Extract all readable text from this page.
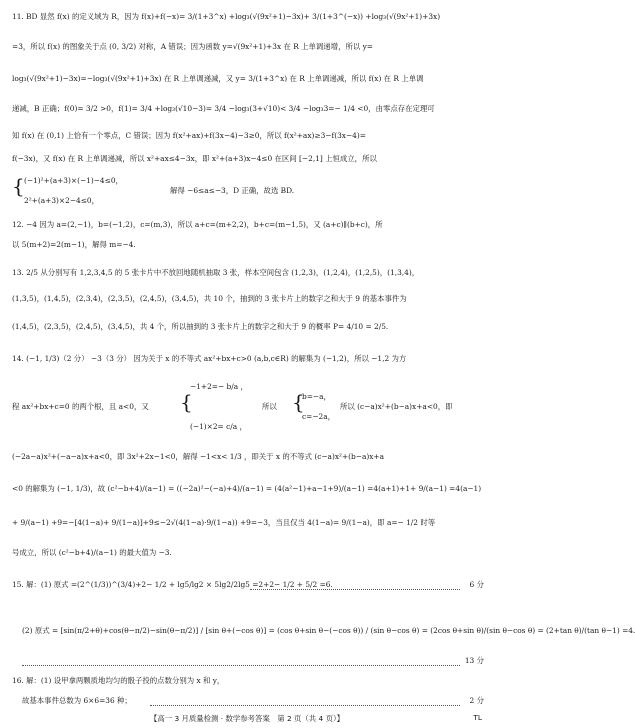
11. BD 显然 f(x) 的定义域为 R，因为 f(x)+f(−x)= 3/(1+3^x) +log₃(√(9x²+1)−3x)+ 3/(1+3^(−x)) +log₃(√(9x²+1)+3x)
=3，所以 f(x) 的图象关于点 (0, 3/2) 对称，A 错误；因为函数 y=√(9x²+1)+3x 在 R 上单调递增，所以 y=
log₃(√(9x²+1)−3x)=−log₃(√(9x²+1)+3x) 在 R 上单调递减，又 y= 3/(1+3^x) 在 R 上单调递减，所以 f(x) 在 R 上单调
递减，B 正确；f(0)= 3/2 >0，f(1)= 3/4 +log₃(√10−3)= 3/4 −log₃(3+√10)< 3/4 −log₃3=− 1/4 <0，由零点存在定理可
知 f(x) 在 (0,1) 上恰有一个零点，C 错误；因为 f(x²+ax)+f(3x−4)−3≥0，所以 f(x²+ax)≥3−f(3x−4)=
f(−3x)，又 f(x) 在 R 上单调递减，所以 x²+ax≤4−3x，即 x²+(a+3)x−4≤0 在区间 [−2,1] 上恒成立，所以
{ (−1)²+(a+3)×(−1)−4≤0，
2²+(a+3)×2−4≤0，
解得 −6≤a≤−3，D 正确，故选 BD.
12. −4 因为 a=(2,−1)，b=(−1,2)，c=(m,3)，所以 a+c=(m+2,2)，b+c=(m−1,5)，又 (a+c)∥(b+c)，所
以 5(m+2)=2(m−1)，解得 m=−4.
13. 2/5 从分别写有 1,2,3,4,5 的 5 张卡片中不放回地随机抽取 3 张，样本空间包含 (1,2,3)，(1,2,4)，(1,2,5)，(1,3,4)，
(1,3,5)，(1,4,5)，(2,3,4)，(2,3,5)，(2,4,5)，(3,4,5)，共 10 个，抽到的 3 张卡片上的数字之和大于 9 的基本事件为
(1,4,5)，(2,3,5)，(2,4,5)，(3,4,5)，共 4 个，所以抽到的 3 张卡片上的数字之和大于 9 的概率 P= 4/10 = 2/5.
14. (−1, 1/3)（2 分） −3（3 分） 因为关于 x 的不等式 ax²+bx+c>0 (a,b,c∈R) 的解集为 (−1,2)，所以 −1,2 为方
−1+2=− b/a ，
程 ax²+bx+c=0 的两个根，且 a<0，又	{	所以 {
b=−a，
所以 (c−a)x²+(b−a)x+a<0，即
(−1)×2= c/a ，
c=−2a，
(−2a−a)x²+(−a−a)x+a<0，即 3x²+2x−1<0，解得 −1<x< 1/3 ，即关于 x 的不等式 (c−a)x²+(b−a)x+a
<0 的解集为 (−1, 1/3)，故 (c²−b+4)/(a−1) = ((−2a)²−(−a)+4)/(a−1) = (4(a²−1)+a−1+9)/(a−1) =4(a+1)+1+ 9/(a−1) =4(a−1)
+ 9/(a−1) +9=−[4(1−a)+ 9/(1−a)]+9≤−2√(4(1−a)·9/(1−a)) +9=−3，当且仅当 4(1−a)= 9/(1−a)，即 a=− 1/2 时等
号成立，所以 (c²−b+4)/(a−1) 的最大值为 −3.
15. 解：(1) 原式 =(2^(1/3))^(3/4)+2− 1/2 + lg5/lg2 × 5lg2/2lg5 =2+2− 1/2 + 5/2 =6.	6 分
(2) 原式 = [sin(π/2+θ)+cos(θ−π/2)−sin(θ−π/2)] / [sin θ+(−cos θ)] = (cos θ+sin θ−(−cos θ)) / (sin θ−cos θ) = (2cos θ+sin θ)/(sin θ−cos θ) = (2+tan θ)/(tan θ−1) =4.
13 分
16. 解：(1) 设甲拿两颗质地均匀的骰子投的点数分别为 x 和 y，
故基本事件总数为 6×6=36 种；	2 分
【高一 3 月质量检测 · 数学参考答案　第 2 页（共 4 页）】	TL
